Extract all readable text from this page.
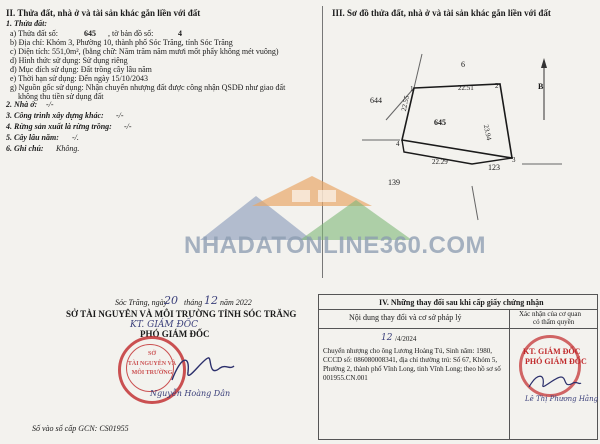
II. Thửa đất, nhà ở và tài sản khác gắn liền với đất
1. Thửa đất:
a) Thửa đất số:	645 , tờ bản đồ số:	4
b) Địa chỉ: Khóm 3, Phường 10, thành phố Sóc Trăng, tỉnh Sóc Trăng
c) Diện tích: 551,0m², (bằng chữ: Năm trăm năm mươi mốt phẩy không mét vuông)
d) Hình thức sử dụng: Sử dụng riêng
đ) Mục đích sử dụng: Đất trồng cây lâu năm
e) Thời hạn sử dụng: Đến ngày 15/10/2043
g) Nguồn gốc sử dụng: Nhận chuyển nhượng đất được công nhận QSDĐ như giao đất
không thu tiền sử dụng đất
2. Nhà ở: -/-
3. Công trình xây dựng khác: -/-
4. Rừng sản xuất là rừng trồng: -/-
5. Cây lâu năm: -/.
6. Ghi chú: Không.
Sóc Trăng, ngày
20 tháng 12 năm 2022
SỞ TÀI NGUYÊN VÀ MÔI TRƯỜNG TỈNH SÓC TRĂNG
KT. GIÁM ĐỐC
PHÓ GIÁM ĐỐC
SỞ
TÀI NGUYÊN VÀ
MÔI TRƯỜNG
Nguyễn Hoàng Dân
Số vào sổ cấp GCN: CS01955
III. Sơ đồ thửa đất, nhà ở và tài sản khác gắn liền với đất
B
6
644
123
139
22.55
22.51
23.94
22.29
1	2
3
4
645
NHADATONLINE360.COM
IV. Những thay đổi sau khi cấp giấy chứng nhận
Nội dung thay đổi và cơ sở pháp lý	Xác nhận của cơ quan
có thẩm quyền
12 /4/2024
Chuyển nhượng cho ông Lương Hoàng Tú, Sinh năm: 1980,
CCCD số: 086080008341, địa chỉ thường trú: Số 67, Khóm 5,
Phường 2, thành phố Vĩnh Long, tỉnh Vĩnh Long; theo hồ sơ số
001955.CN.001
KT. GIÁM ĐỐC
PHÓ GIÁM ĐỐC
Lê Thị Phương Hằng
